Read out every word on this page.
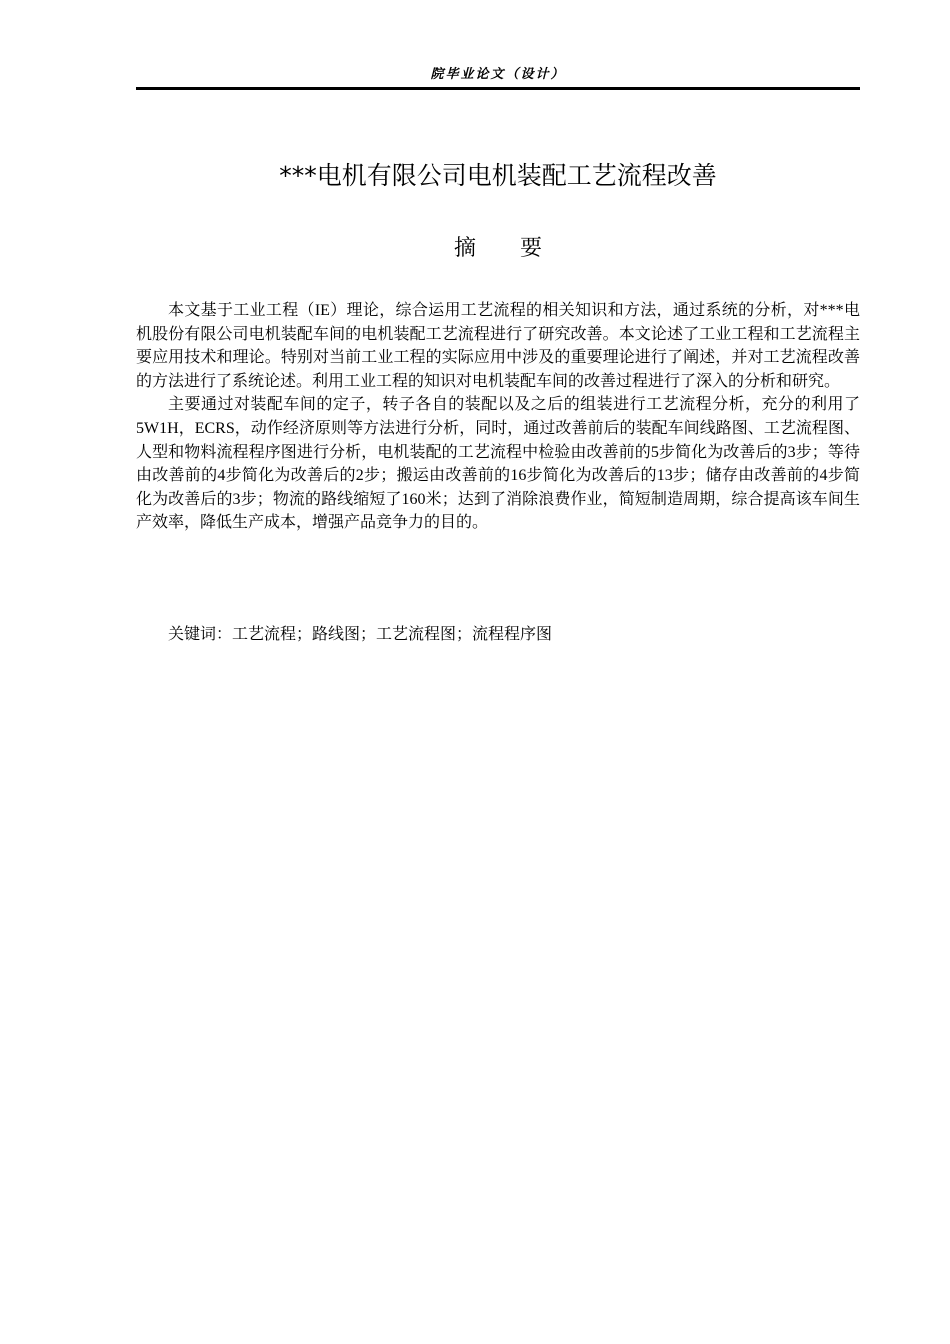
院毕业论文（设计）
***电机有限公司电机装配工艺流程改善
摘要

本文基于工业工程（IE）理论，综合运用工艺流程的相关知识和方法，通过系统的分析，对***电机股份有限公司电机装配车间的电机装配工艺流程进行了研究改善。本文论述了工业工程和工艺流程主要应用技术和理论。特别对当前工业工程的实际应用中涉及的重要理论进行了阐述，并对工艺流程改善的方法进行了系统论述。利用工业工程的知识对电机装配车间的改善过程进行了深入的分析和研究。

主要通过对装配车间的定子，转子各自的装配以及之后的组装进行工艺流程分析，充分的利用了5W1H，ECRS，动作经济原则等方法进行分析，同时，通过改善前后的装配车间线路图、工艺流程图、人型和物料流程程序图进行分析，电机装配的工艺流程中检验由改善前的5步简化为改善后的3步；等待由改善前的4步简化为改善后的2步；搬运由改善前的16步简化为改善后的13步；储存由改善前的4步简化为改善后的3步；物流的路线缩短了160米；达到了消除浪费作业，简短制造周期，综合提高该车间生产效率，降低生产成本，增强产品竞争力的目的。

关键词：工艺流程；路线图；工艺流程图；流程程序图
